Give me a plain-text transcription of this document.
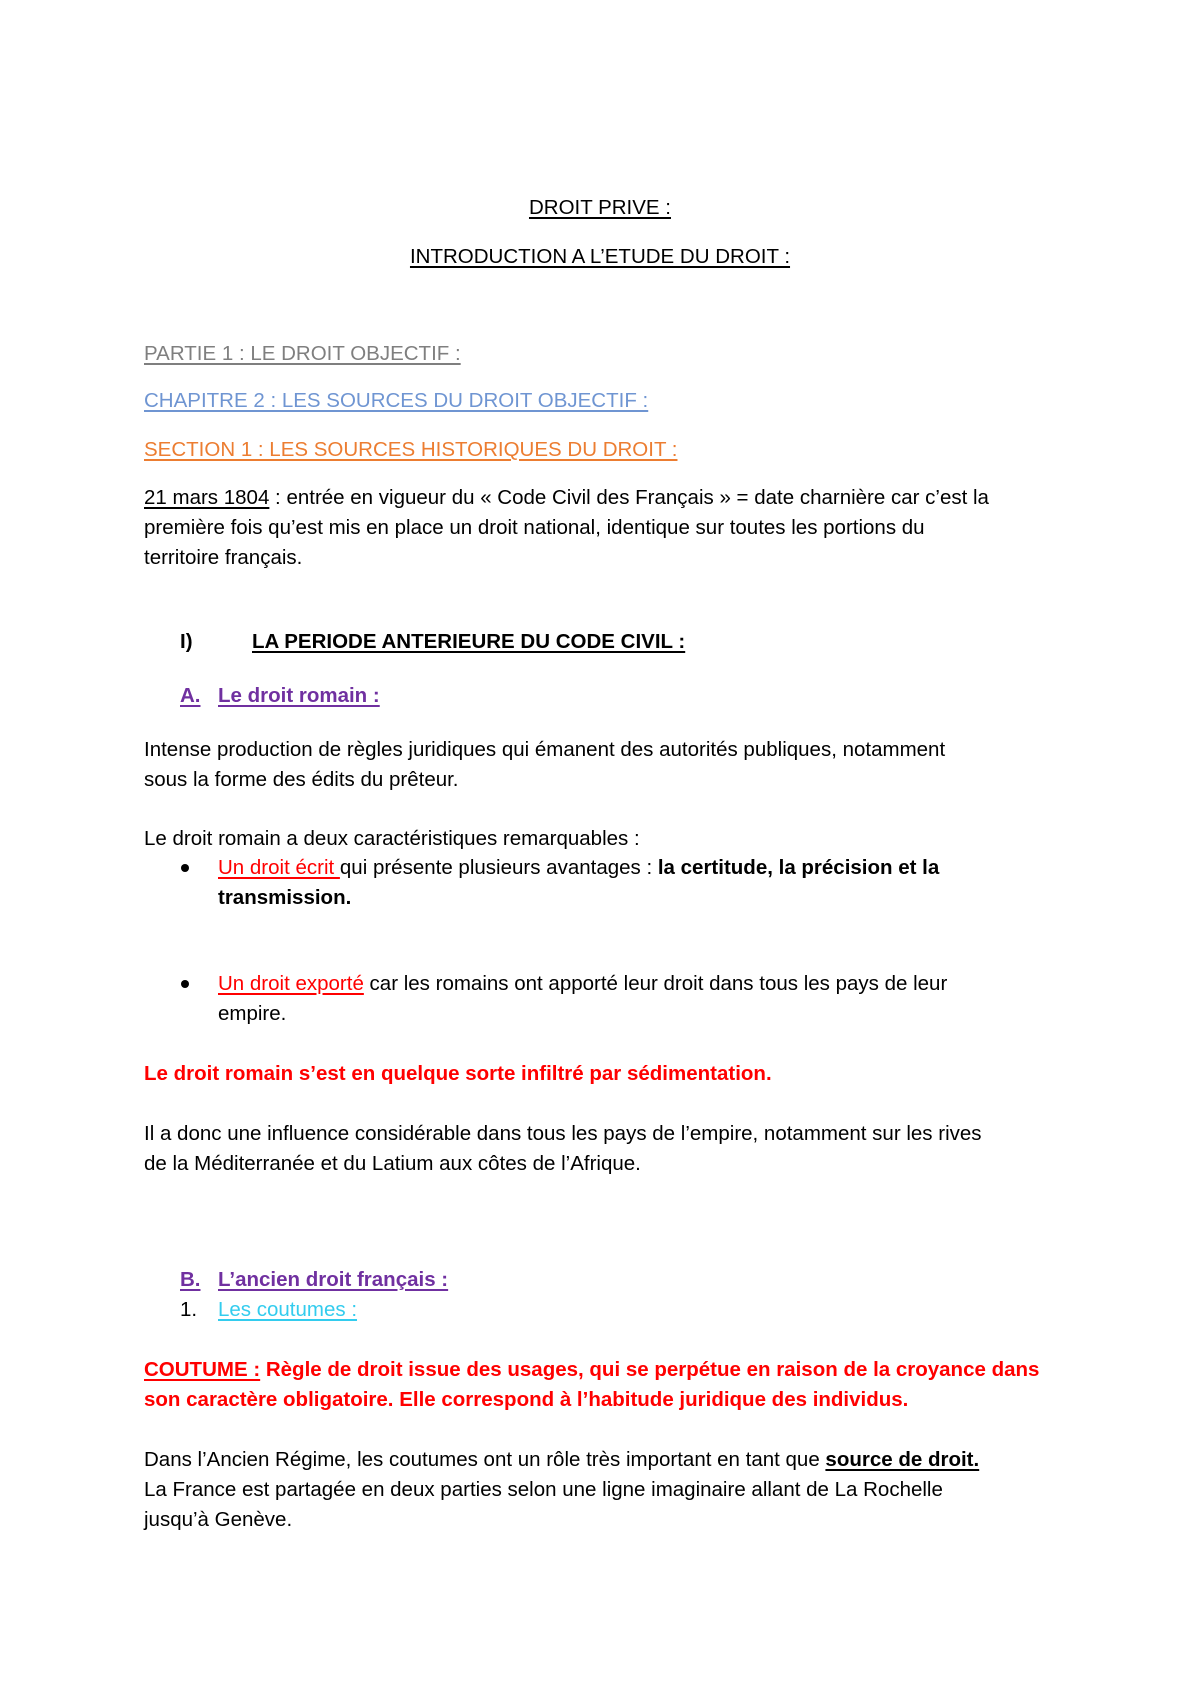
DROIT PRIVE :
INTRODUCTION A L’ETUDE DU DROIT :
PARTIE 1 : LE DROIT OBJECTIF :
CHAPITRE 2 : LES SOURCES DU DROIT OBJECTIF :
SECTION 1 : LES SOURCES HISTORIQUES DU DROIT :
21 mars 1804 : entrée en vigueur du « Code Civil des Français » = date charnière car c’est la
première fois qu’est mis en place un droit national, identique sur toutes les portions du
territoire français.
I)	LA PERIODE ANTERIEURE DU CODE CIVIL :
A. Le droit romain :
Intense production de règles juridiques qui émanent des autorités publiques, notamment
sous la forme des édits du prêteur.
Le droit romain a deux caractéristiques remarquables :
Un droit écrit qui présente plusieurs avantages : la certitude, la précision et la
transmission.
Un droit exporté car les romains ont apporté leur droit dans tous les pays de leur
empire.
Le droit romain s’est en quelque sorte infiltré par sédimentation.
Il a donc une influence considérable dans tous les pays de l’empire, notamment sur les rives
de la Méditerranée et du Latium aux côtes de l’Afrique.
B. L’ancien droit français :
1. Les coutumes :
COUTUME : Règle de droit issue des usages, qui se perpétue en raison de la croyance dans
son caractère obligatoire. Elle correspond à l’habitude juridique des individus.
Dans l’Ancien Régime, les coutumes ont un rôle très important en tant que source de droit.
La France est partagée en deux parties selon une ligne imaginaire allant de La Rochelle
jusqu’à Genève.
